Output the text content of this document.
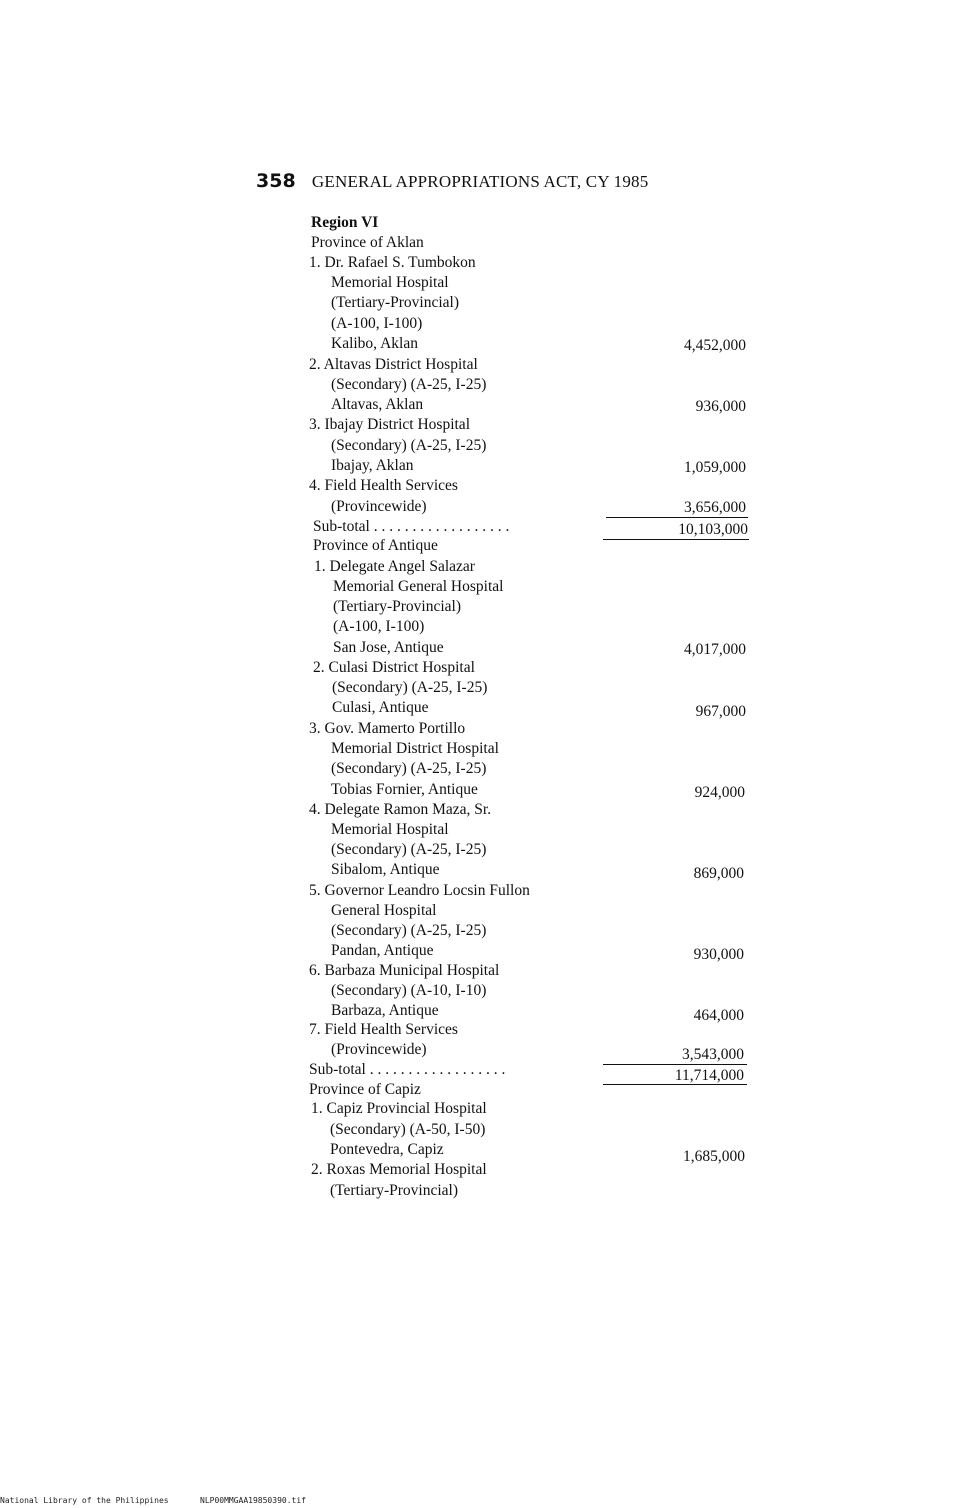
358 GENERAL APPROPRIATIONS ACT, CY 1985
Region VI
Province of Aklan
1. Dr. Rafael S. Tumbokon
Memorial Hospital
(Tertiary-Provincial)
(A-100, I-100)
Kalibo, Aklan	4,452,000
2. Altavas District Hospital
(Secondary) (A-25, I-25)
Altavas, Aklan	936,000
3. Ibajay District Hospital
(Secondary) (A-25, I-25)
Ibajay, Aklan	1,059,000
4. Field Health Services
(Provincewide)	3,656,000
Sub-total . . . . . . . . . . . . . . . . . .	10,103,000
Province of Antique
1. Delegate Angel Salazar
Memorial General Hospital
(Tertiary-Provincial)
(A-100, I-100)
San Jose, Antique	4,017,000
2. Culasi District Hospital
(Secondary) (A-25, I-25)
Culasi, Antique	967,000
3. Gov. Mamerto Portillo
Memorial District Hospital
(Secondary) (A-25, I-25)
Tobias Fornier, Antique	924,000
4. Delegate Ramon Maza, Sr.
Memorial Hospital
(Secondary) (A-25, I-25)
Sibalom, Antique	869,000
5. Governor Leandro Locsin Fullon
General Hospital
(Secondary) (A-25, I-25)
Pandan, Antique	930,000
6. Barbaza Municipal Hospital
(Secondary) (A-10, I-10)
Barbaza, Antique	464,000
7. Field Health Services
(Provincewide)	3,543,000
Sub-total . . . . . . . . . . . . . . . . . .	11,714,000
Province of Capiz
1. Capiz Provincial Hospital
(Secondary) (A-50, I-50)
Pontevedra, Capiz	1,685,000
2. Roxas Memorial Hospital
(Tertiary-Provincial)
National Library of the Philippines	NLP00MMGAA19850390.tif
